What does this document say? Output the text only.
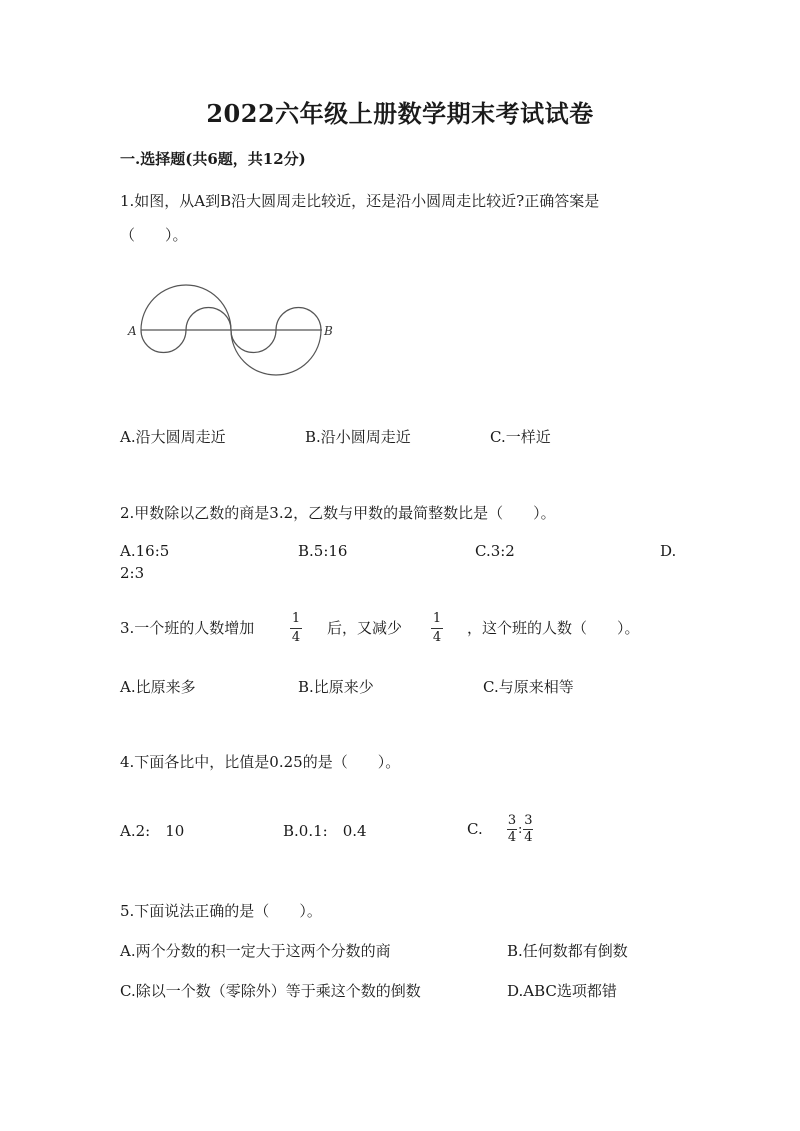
2022六年级上册数学期末考试试卷
一.选择题(共6题，共12分)
1.如图，从A到B沿大圆周走比较近，还是沿小圆周走比较近?正确答案是
（　　）。
A	B
A.沿大圆周走近	B.沿小圆周走近	C.一样近
2.甲数除以乙数的商是3.2，乙数与甲数的最简整数比是（　　）。
A.16:5	B.5:16	C.3:2	D.
2:3
3.一个班的人数增加
1
4
后，又减少
1
4
，这个班的人数（　　）。
A.比原来多	B.比原来少	C.与原来相等
4.下面各比中，比值是0.25的是（　　）。
A.2:　10	B.0.1:　0.4	C. 3
4
:
3
4
5.下面说法正确的是（　　）。
A.两个分数的积一定大于这两个分数的商	B.任何数都有倒数
C.除以一个数（零除外）等于乘这个数的倒数	D.ABC选项都错
